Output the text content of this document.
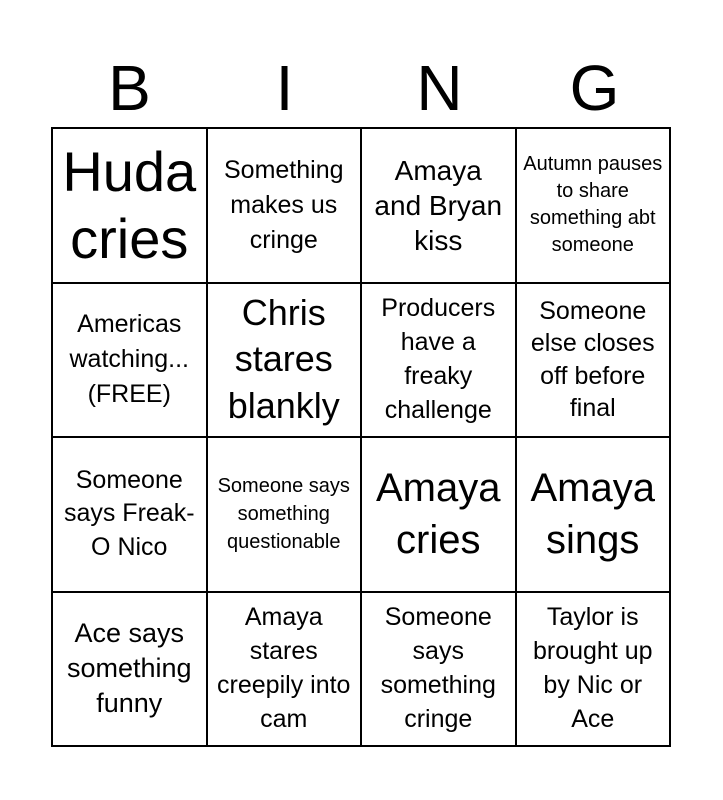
B	I	N	G
Huda cries
Something makes us cringe
Amaya and Bryan kiss
Autumn pauses to share something abt someone
Americas watching... (FREE)
Chris stares blankly
Producers have a freaky challenge
Someone else closes off before final
Someone says Freak-O Nico
Someone says something questionable
Amaya cries
Amaya sings
Ace says something funny
Amaya stares creepily into cam
Someone says something cringe
Taylor is brought up by Nic or Ace
